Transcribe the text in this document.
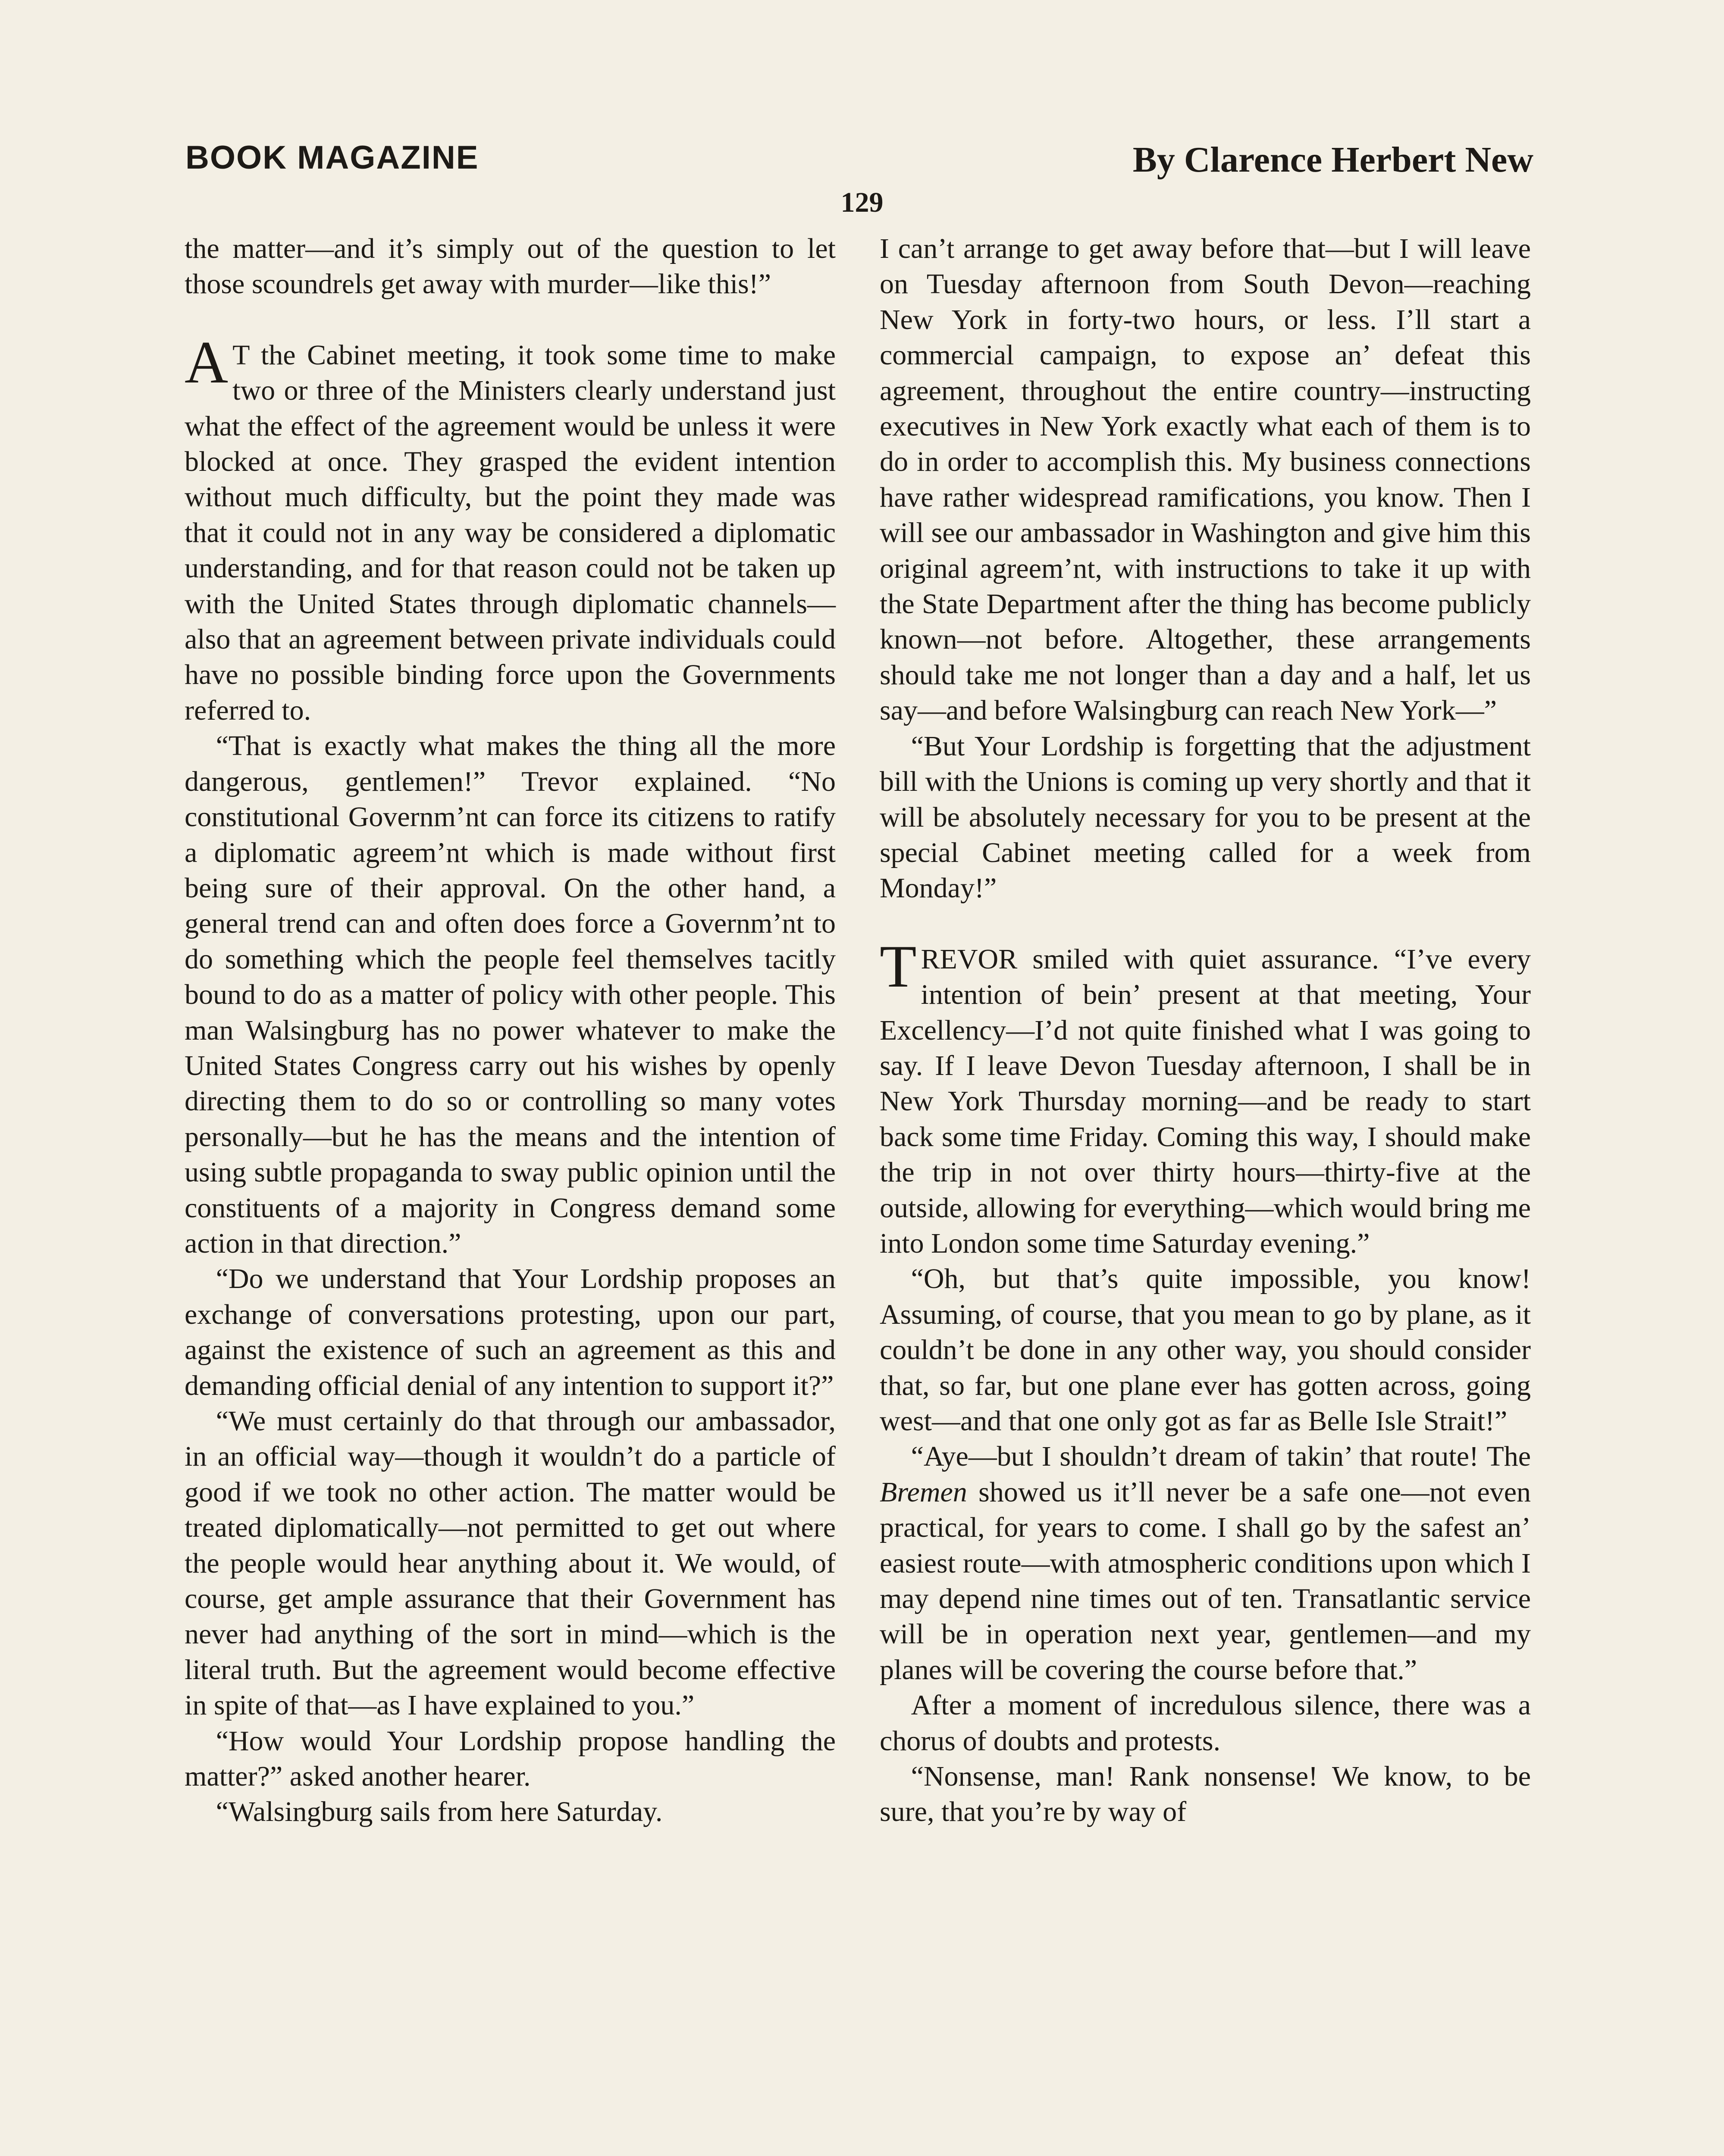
BOOK MAGAZINE	By Clarence Herbert New
129

the matter—and it’s simply out of the question to let those scoundrels get away with murder—like this!”

A T the Cabinet meeting, it took some time to make two or three of the Ministers clearly understand just what the effect of the agreement would be unless it were blocked at once. They grasped the evident intention without much difficulty, but the point they made was that it could not in any way be considered a diplomatic understanding, and for that reason could not be taken up with the United States through diplomatic channels—also that an agreement between private individuals could have no possible binding force upon the Governments referred to.

“That is exactly what makes the thing all the more dangerous, gentlemen!” Trevor explained. “No constitutional Governm’nt can force its citizens to ratify a diplomatic agreem’nt which is made without first being sure of their approval. On the other hand, a general trend can and often does force a Governm’nt to do something which the people feel themselves tacitly bound to do as a matter of policy with other people. This man Walsingburg has no power whatever to make the United States Congress carry out his wishes by openly directing them to do so or controlling so many votes personally—but he has the means and the intention of using subtle propaganda to sway public opinion until the constituents of a majority in Congress demand some action in that direction.”

“Do we understand that Your Lordship proposes an exchange of conversations protesting, upon our part, against the existence of such an agreement as this and demanding official denial of any intention to support it?”

“We must certainly do that through our ambassador, in an official way—though it wouldn’t do a particle of good if we took no other action. The matter would be treated diplomatically—not permitted to get out where the people would hear anything about it. We would, of course, get ample assurance that their Government has never had anything of the sort in mind—which is the literal truth. But the agreement would become effective in spite of that—as I have explained to you.”

“How would Your Lordship propose handling the matter?” asked another hearer.

“Walsingburg sails from here Saturday.

I can’t arrange to get away before that—but I will leave on Tuesday afternoon from South Devon—reaching New York in forty-two hours, or less. I’ll start a commercial campaign, to expose an’ defeat this agreement, throughout the entire country—instructing executives in New York exactly what each of them is to do in order to accomplish this. My business connections have rather widespread ramifications, you know. Then I will see our ambassador in Washington and give him this original agreem’nt, with instructions to take it up with the State Department after the thing has become publicly known—not before. Altogether, these arrangements should take me not longer than a day and a half, let us say—and before Walsingburg can reach New York—”

“But Your Lordship is forgetting that the adjustment bill with the Unions is coming up very shortly and that it will be absolutely necessary for you to be present at the special Cabinet meeting called for a week from Monday!”

TREVOR smiled with quiet assurance. “I’ve every intention of bein’ present at that meeting, Your Excellency—I’d not quite finished what I was going to say. If I leave Devon Tuesday afternoon, I shall be in New York Thursday morning—and be ready to start back some time Friday. Coming this way, I should make the trip in not over thirty hours—thirty-five at the outside, allowing for everything—which would bring me into London some time Saturday evening.”

“Oh, but that’s quite impossible, you know! Assuming, of course, that you mean to go by plane, as it couldn’t be done in any other way, you should consider that, so far, but one plane ever has gotten across, going west—and that one only got as far as Belle Isle Strait!”

“Aye—but I shouldn’t dream of takin’ that route! The Bremen showed us it’ll never be a safe one—not even practical, for years to come. I shall go by the safest an’ easiest route—with atmospheric conditions upon which I may depend nine times out of ten. Transatlantic service will be in operation next year, gentlemen—and my planes will be covering the course before that.”

After a moment of incredulous silence, there was a chorus of doubts and protests.

“Nonsense, man! Rank nonsense! We know, to be sure, that you’re by way of
